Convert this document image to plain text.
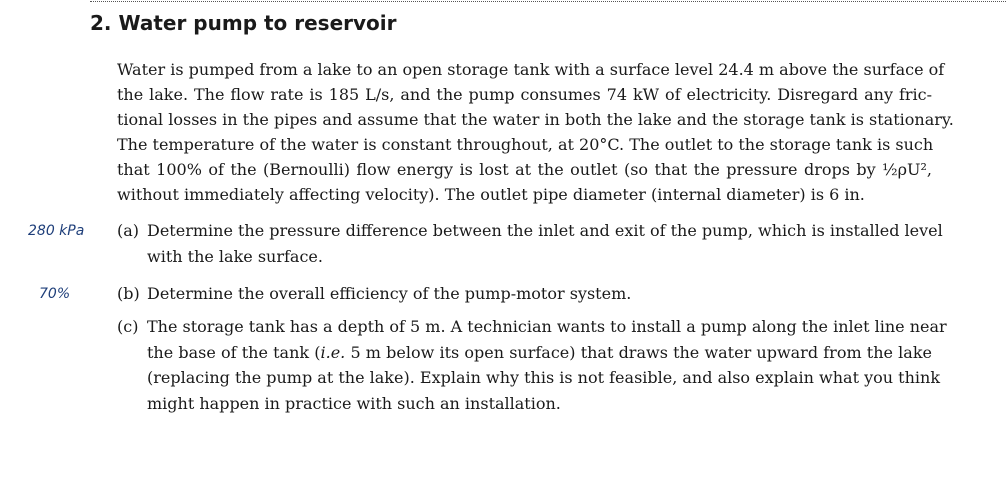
2. Water pump to reservoir
Water is pumped from a lake to an open storage tank with a surface level 24.4 m above the surface of
the lake. The flow rate is 185 L/s, and the pump consumes 74 kW of electricity. Disregard any fric-
tional losses in the pipes and assume that the water in both the lake and the storage tank is stationary.
The temperature of the water is constant throughout, at 20°C. The outlet to the storage tank is such
that 100% of the (Bernoulli) flow energy is lost at the outlet (so that the pressure drops by ½ρU²,
without immediately affecting velocity). The outlet pipe diameter (internal diameter) is 6 in.
280 kPa (a) Determine the pressure difference between the inlet and exit of the pump, which is installed level
with the lake surface.
70%	(b) Determine the overall efficiency of the pump-motor system.
(c) The storage tank has a depth of 5 m. A technician wants to install a pump along the inlet line near
the base of the tank (i.e. 5 m below its open surface) that draws the water upward from the lake
(replacing the pump at the lake). Explain why this is not feasible, and also explain what you think
might happen in practice with such an installation.
